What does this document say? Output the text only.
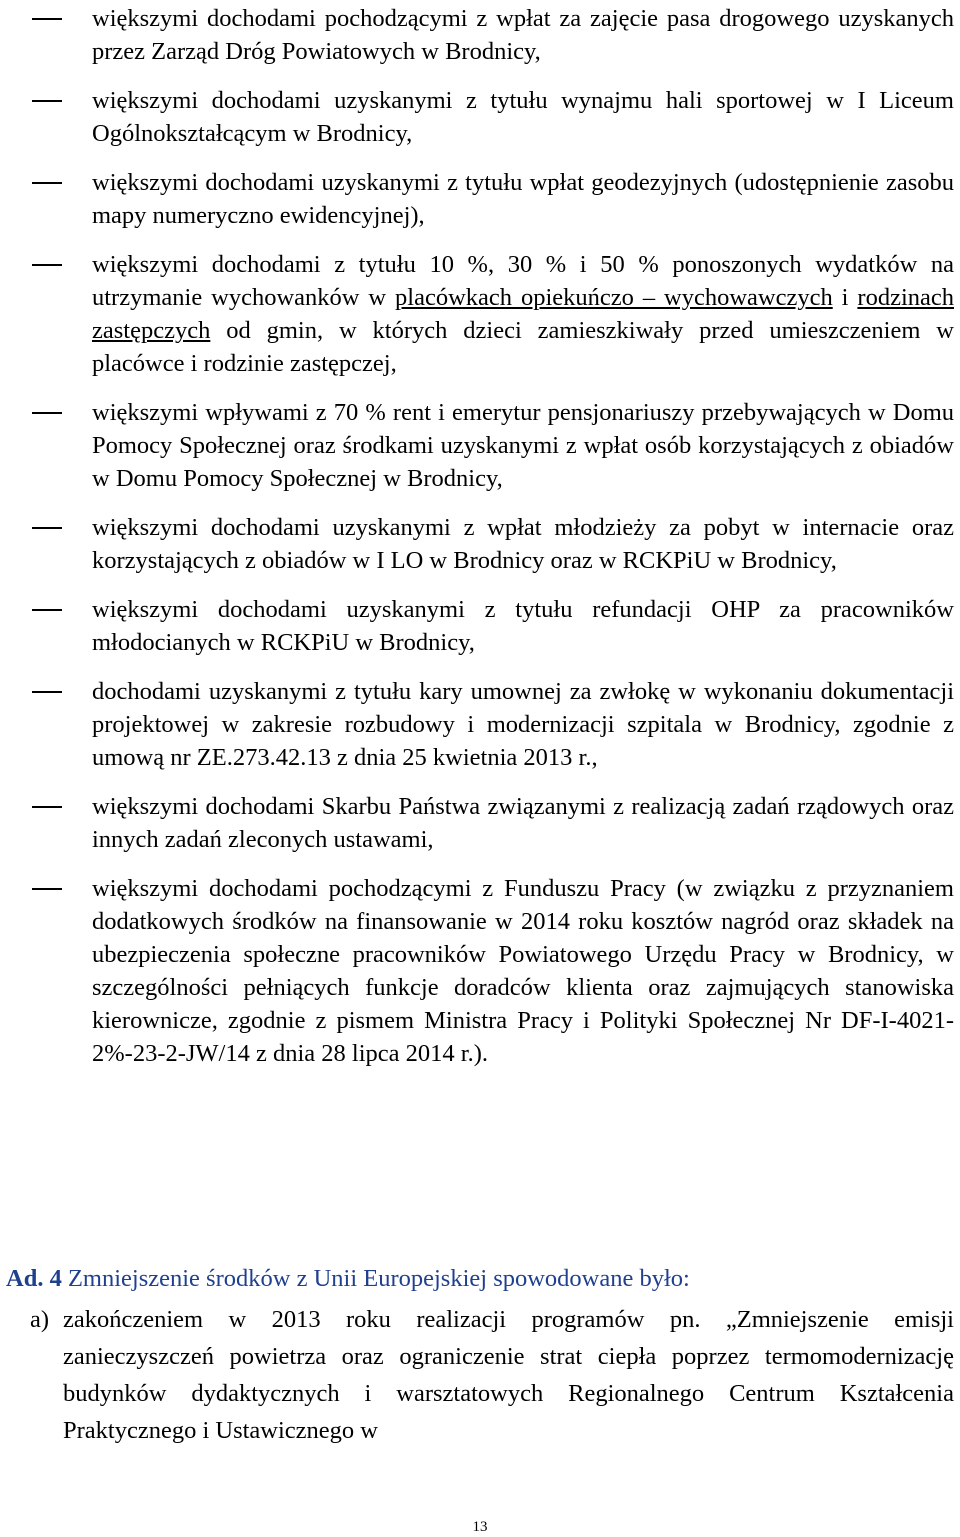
większymi dochodami pochodzącymi z wpłat za zajęcie pasa drogowego uzyskanych przez Zarząd Dróg Powiatowych w Brodnicy,
większymi dochodami uzyskanymi z tytułu wynajmu hali sportowej w I Liceum Ogólnokształcącym w Brodnicy,
większymi dochodami uzyskanymi z tytułu wpłat geodezyjnych (udostępnienie zasobu mapy numeryczno ewidencyjnej),
większymi dochodami z tytułu 10 %, 30 % i 50 % ponoszonych wydatków na utrzymanie wychowanków w placówkach opiekuńczo – wychowawczych i rodzinach zastępczych od gmin, w których dzieci zamieszkiwały przed umieszczeniem w placówce i rodzinie zastępczej,
większymi wpływami z 70 % rent i emerytur pensjonariuszy przebywających w Domu Pomocy Społecznej oraz środkami uzyskanymi z wpłat osób korzystających z obiadów w Domu Pomocy Społecznej w Brodnicy,
większymi dochodami uzyskanymi z wpłat młodzieży za pobyt w internacie oraz korzystających z obiadów w I LO w Brodnicy oraz w RCKPiU w Brodnicy,
większymi dochodami uzyskanymi z tytułu refundacji OHP za pracowników młodocianych w RCKPiU w Brodnicy,
dochodami uzyskanymi z tytułu kary umownej za zwłokę w wykonaniu dokumentacji projektowej w zakresie rozbudowy i modernizacji szpitala w Brodnicy, zgodnie z umową nr ZE.273.42.13 z dnia 25 kwietnia 2013 r.,
większymi dochodami Skarbu Państwa związanymi z realizacją zadań rządowych oraz innych zadań zleconych ustawami,
większymi dochodami pochodzącymi z Funduszu Pracy (w związku z przyznaniem dodatkowych środków na finansowanie w 2014 roku kosztów nagród oraz składek na ubezpieczenia społeczne pracowników Powiatowego Urzędu Pracy w Brodnicy, w szczególności pełniących funkcje doradców klienta oraz zajmujących stanowiska kierownicze, zgodnie z pismem Ministra Pracy i Polityki Społecznej Nr DF-I-4021-2%-23-2-JW/14 z dnia 28 lipca 2014 r.).
Ad. 4 Zmniejszenie środków z Unii Europejskiej spowodowane było:
a) zakończeniem w 2013 roku realizacji programów pn. „Zmniejszenie emisji zanieczyszczeń powietrza oraz ograniczenie strat ciepła poprzez termomodernizację budynków dydaktycznych i warsztatowych Regionalnego Centrum Kształcenia Praktycznego i Ustawicznego w
13
